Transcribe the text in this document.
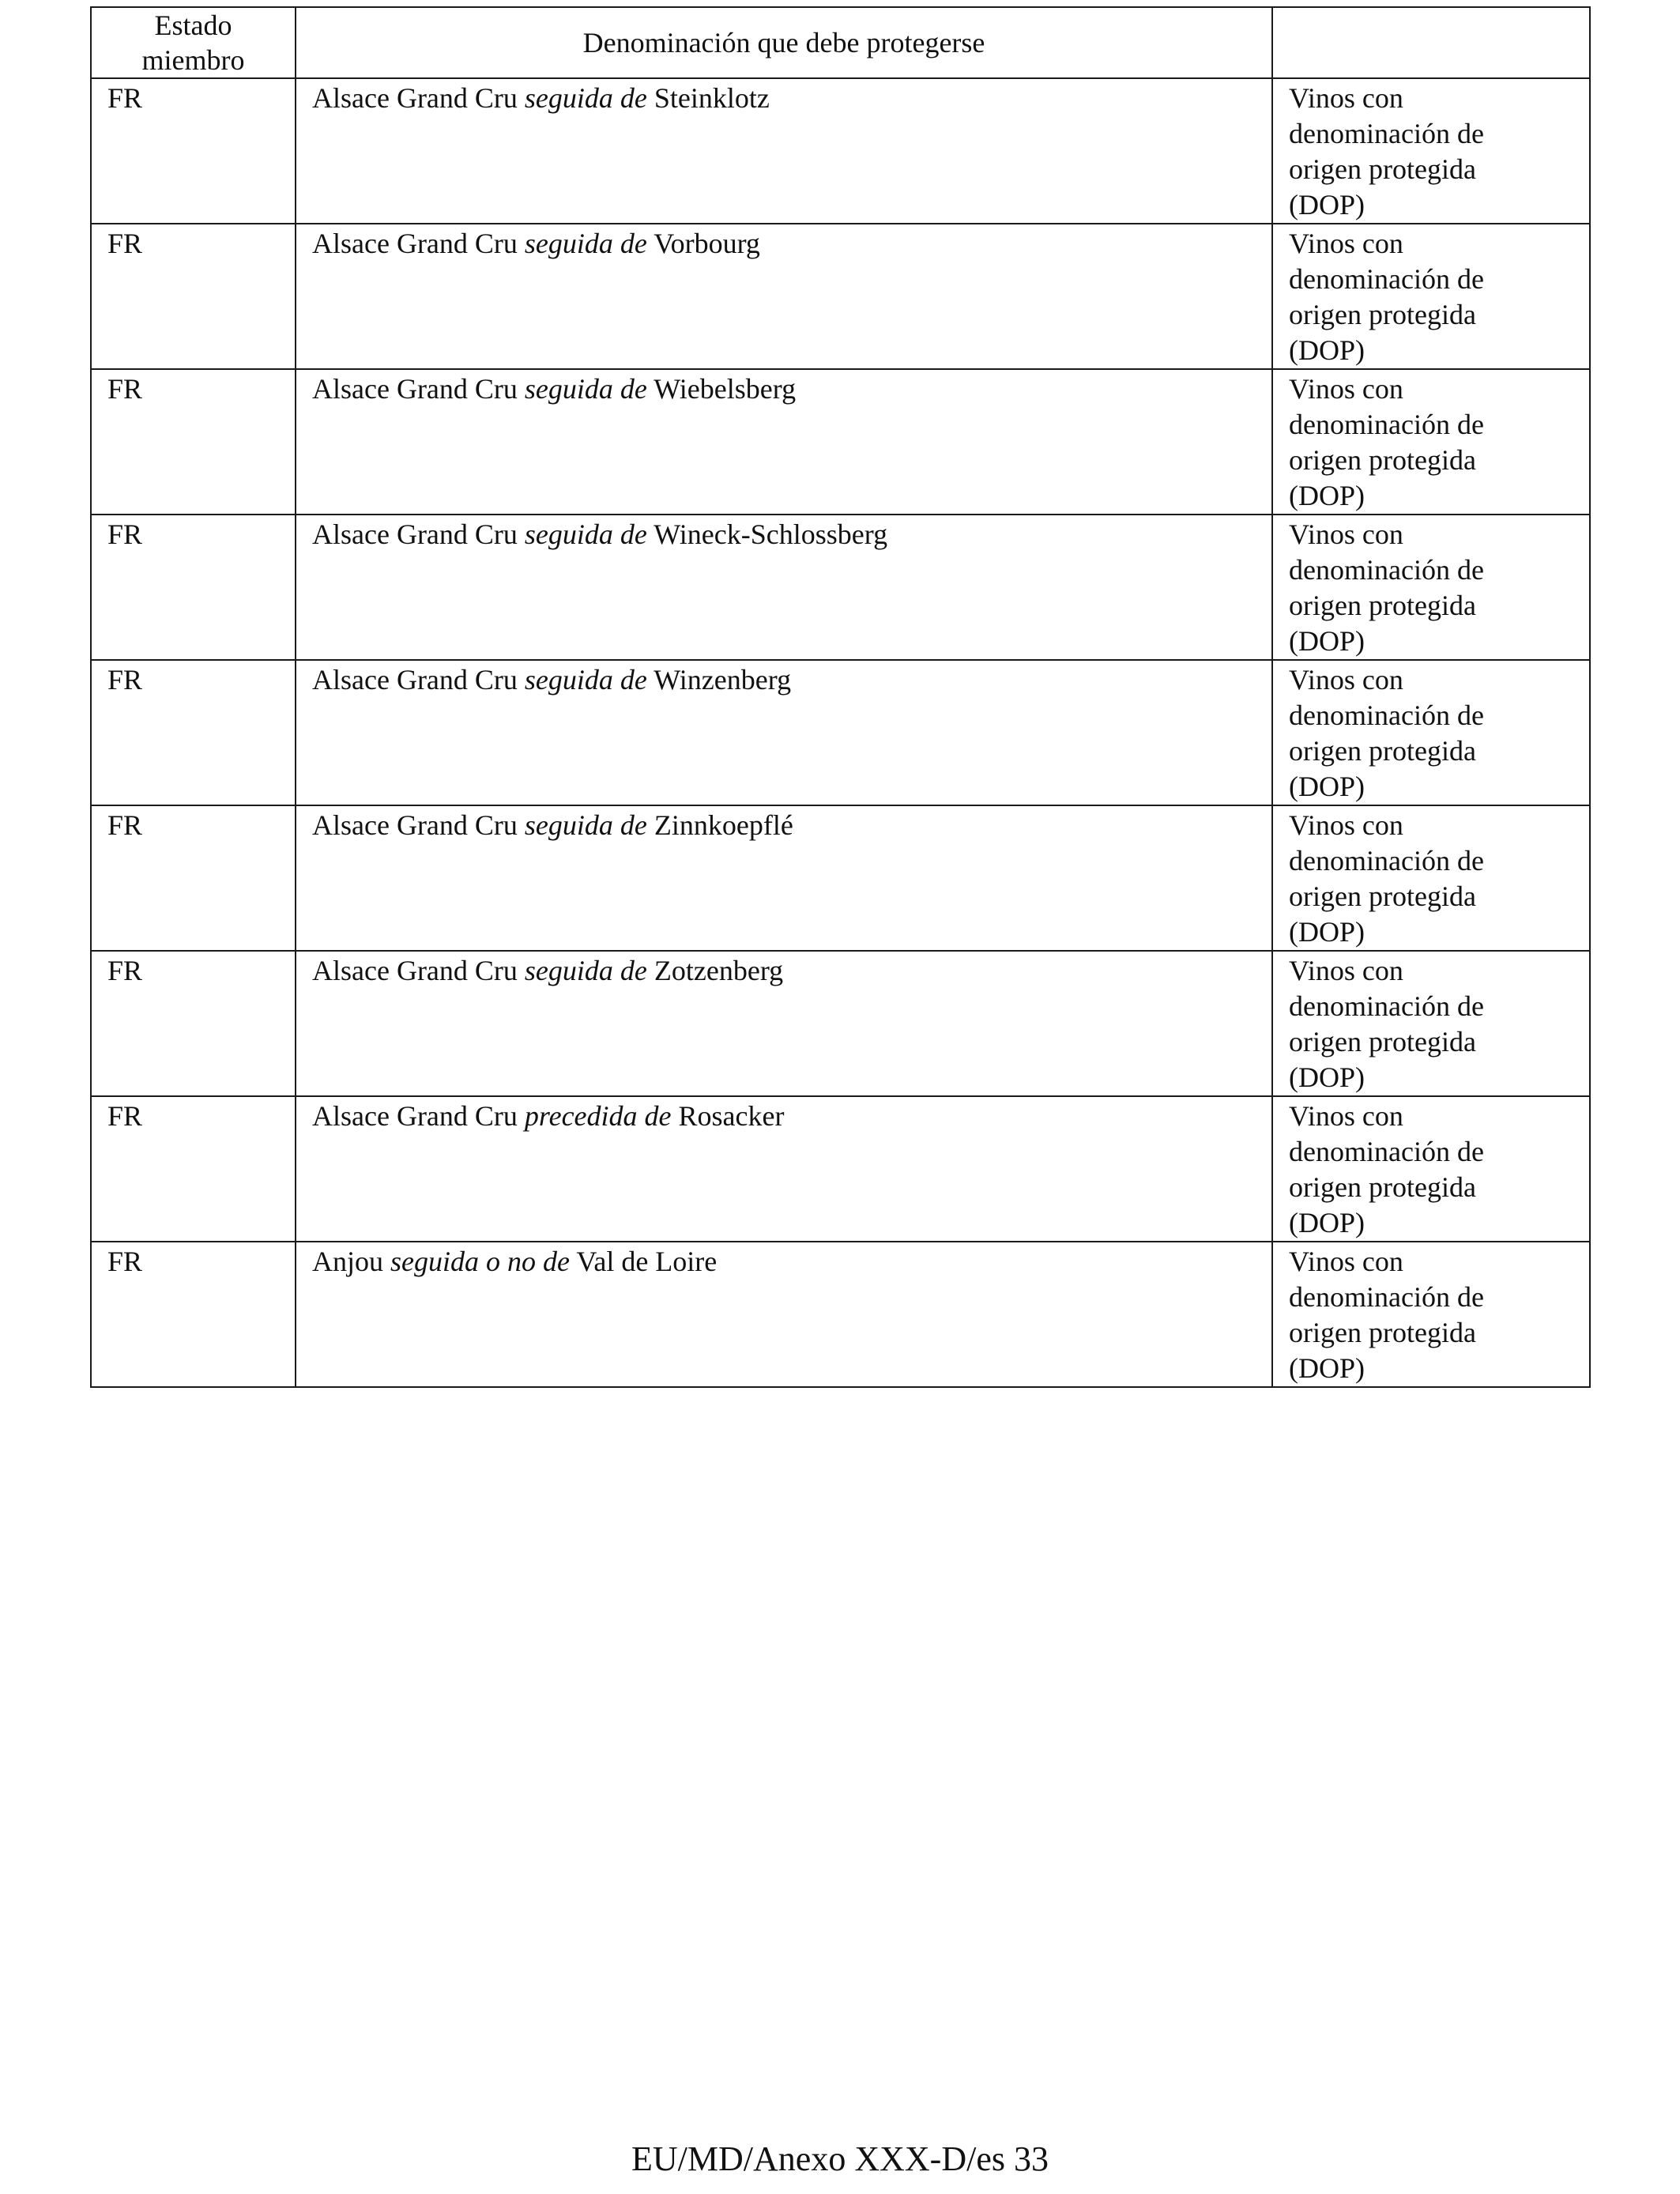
Estado
miembro	Denominación que debe protegerse	

FR	Alsace Grand Cru seguida de Steinklotz	Vinos con
denominación de
origen protegida
(DOP)

FR	Alsace Grand Cru seguida de Vorbourg	Vinos con
denominación de
origen protegida
(DOP)

FR	Alsace Grand Cru seguida de Wiebelsberg	Vinos con
denominación de
origen protegida
(DOP)

FR	Alsace Grand Cru seguida de Wineck-Schlossberg	Vinos con
denominación de
origen protegida
(DOP)

FR	Alsace Grand Cru seguida de Winzenberg	Vinos con
denominación de
origen protegida
(DOP)

FR	Alsace Grand Cru seguida de Zinnkoepflé	Vinos con
denominación de
origen protegida
(DOP)

FR	Alsace Grand Cru seguida de Zotzenberg	Vinos con
denominación de
origen protegida
(DOP)

FR	Alsace Grand Cru precedida de Rosacker	Vinos con
denominación de
origen protegida
(DOP)

FR	Anjou seguida o no de Val de Loire	Vinos con
denominación de
origen protegida
(DOP)
EU/MD/Anexo XXX-D/es 33
